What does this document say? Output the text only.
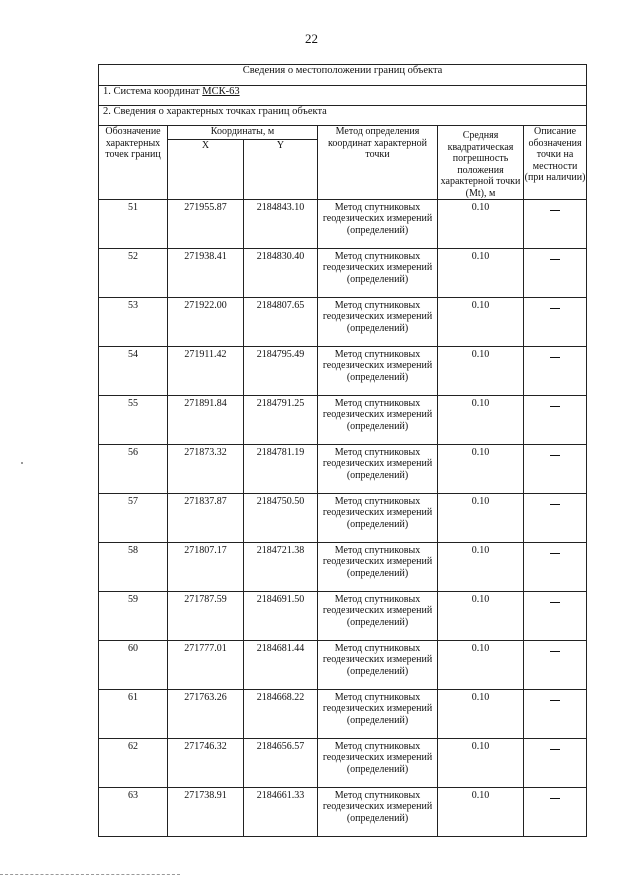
22
Сведения о местоположении границ объекта					
1. Система координат МСК-63					
2. Сведения о характерных точках границ объекта					
Обозначение характерных точек границ	Координаты, м		Метод определения координат характерной точки	Средняя квадратическая погрешность положения характерной точки (Mt), м	Описание обозначения точки на местности (при наличии)
	X	Y			
51	271955.87	2184843.10	Метод спутниковых геодезических измерений (определений)	0.10	
52	271938.41	2184830.40	Метод спутниковых геодезических измерений (определений)	0.10	
53	271922.00	2184807.65	Метод спутниковых геодезических измерений (определений)	0.10	
54	271911.42	2184795.49	Метод спутниковых геодезических измерений (определений)	0.10	
55	271891.84	2184791.25	Метод спутниковых геодезических измерений (определений)	0.10	
56	271873.32	2184781.19	Метод спутниковых геодезических измерений (определений)	0.10	
57	271837.87	2184750.50	Метод спутниковых геодезических измерений (определений)	0.10	
58	271807.17	2184721.38	Метод спутниковых геодезических измерений (определений)	0.10	
59	271787.59	2184691.50	Метод спутниковых геодезических измерений (определений)	0.10	
60	271777.01	2184681.44	Метод спутниковых геодезических измерений (определений)	0.10	
61	271763.26	2184668.22	Метод спутниковых геодезических измерений (определений)	0.10	
62	271746.32	2184656.57	Метод спутниковых геодезических измерений (определений)	0.10	
63	271738.91	2184661.33	Метод спутниковых геодезических измерений (определений)	0.10	
